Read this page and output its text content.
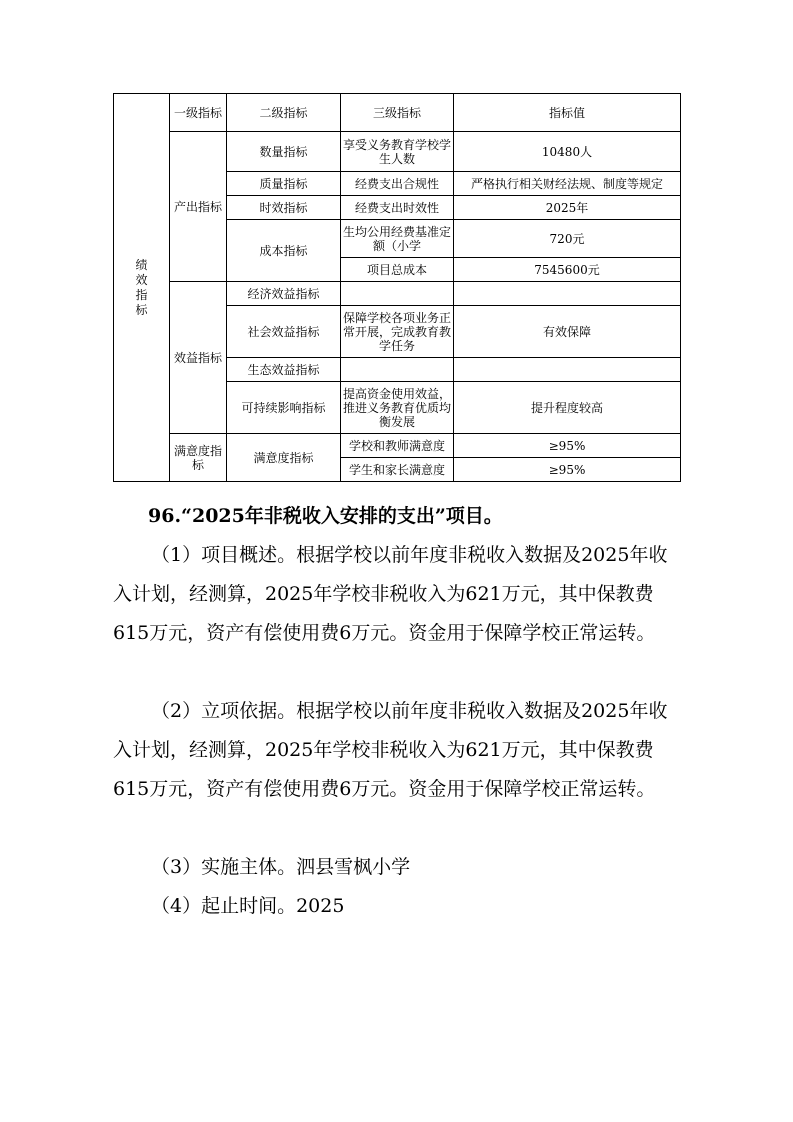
绩效指标	一级指标	二级指标	三级指标	指标值
	产出指标	数量指标	享受义务教育学校学生人数	10480人
		质量指标	经费支出合规性	严格执行相关财经法规、制度等规定
		时效指标	经费支出时效性	2025年
		成本指标	生均公用经费基准定额（小学	720元
			项目总成本	7545600元
	效益指标	经济效益指标		
		社会效益指标	保障学校各项业务正常开展，完成教育教学任务	有效保障
		生态效益指标		
		可持续影响指标	提高资金使用效益，推进义务教育优质均衡发展	提升程度较高
	满意度指标	满意度指标	学校和教师满意度	≥95%
			学生和家长满意度	≥95%

96.“2025年非税收入安排的支出”项目。

（1）项目概述。根据学校以前年度非税收入数据及2025年收入计划，经测算，2025年学校非税收入为621万元，其中保教费615万元，资产有偿使用费6万元。资金用于保障学校正常运转。

（2）立项依据。根据学校以前年度非税收入数据及2025年收入计划，经测算，2025年学校非税收入为621万元，其中保教费615万元，资产有偿使用费6万元。资金用于保障学校正常运转。

（3）实施主体。泗县雪枫小学

（4）起止时间。2025
